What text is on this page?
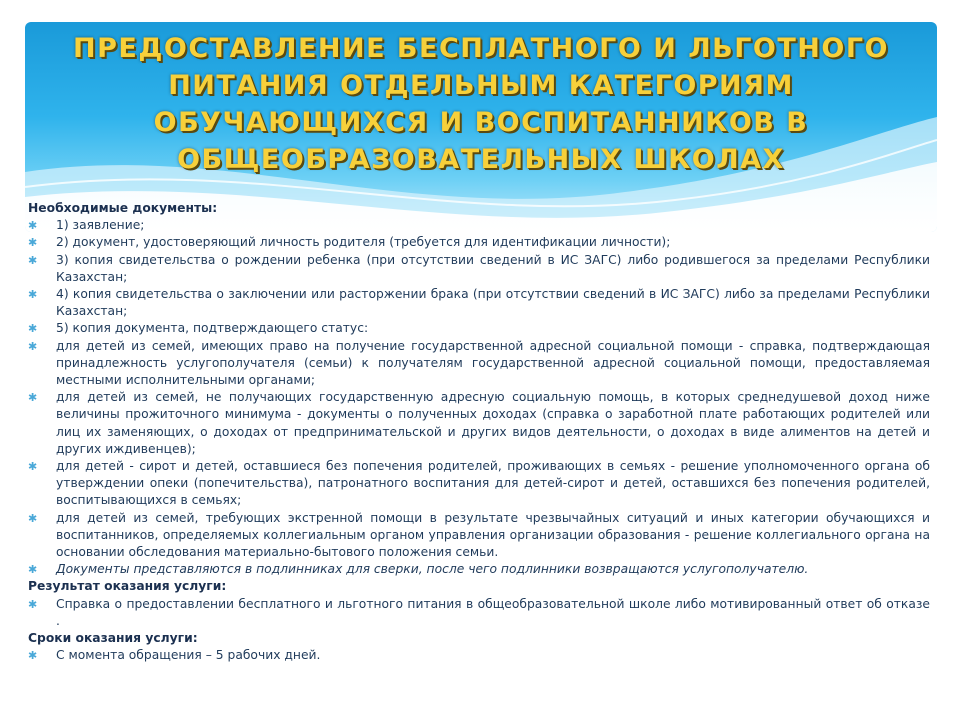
ПРЕДОСТАВЛЕНИЕ БЕСПЛАТНОГО И ЛЬГОТНОГО
ПИТАНИЯ ОТДЕЛЬНЫМ КАТЕГОРИЯМ
ОБУЧАЮЩИХСЯ И ВОСПИТАННИКОВ В
ОБЩЕОБРАЗОВАТЕЛЬНЫХ ШКОЛАХ
Необходимые документы:
✱	1) заявление;
✱	2) документ, удостоверяющий личность родителя (требуется для идентификации личности);
✱	3) копия свидетельства о рождении ребенка (при отсутствии сведений в ИС ЗАГС) либо родившегося за пределами Республики Казахстан;
✱	4) копия свидетельства о заключении или расторжении брака (при отсутствии сведений в ИС ЗАГС) либо за пределами Республики Казахстан;
✱	5) копия документа, подтверждающего статус:
✱	для детей из семей, имеющих право на получение государственной адресной социальной помощи - справка, подтверждающая принадлежность услугополучателя (семьи) к получателям государственной адресной социальной помощи, предоставляемая местными исполнительными органами;
✱	для детей из семей, не получающих государственную адресную социальную помощь, в которых среднедушевой доход ниже величины прожиточного минимума - документы о полученных доходах (справка о заработной плате работающих родителей или лиц их заменяющих, о доходах от предпринимательской и других видов деятельности, о доходах в виде алиментов на детей и других иждивенцев);
✱	для детей - сирот и детей, оставшиеся без попечения родителей, проживающих в семьях - решение уполномоченного органа об утверждении опеки (попечительства), патронатного воспитания для детей-сирот и детей, оставшихся без попечения родителей, воспитывающихся в семьях;
✱	для детей из семей, требующих экстренной помощи в результате чрезвычайных ситуаций и иных категории обучающихся и воспитанников, определяемых коллегиальным органом управления организации образования - решение коллегиального органа на основании обследования материально-бытового положения семьи.
✱	Документы представляются в подлинниках для сверки, после чего подлинники возвращаются услугополучателю.
Результат оказания услуги:
✱	Справка о предоставлении бесплатного и льготного питания в общеобразовательной школе либо мотивированный ответ об отказе .
Сроки оказания услуги:
✱	С момента обращения – 5 рабочих дней.
